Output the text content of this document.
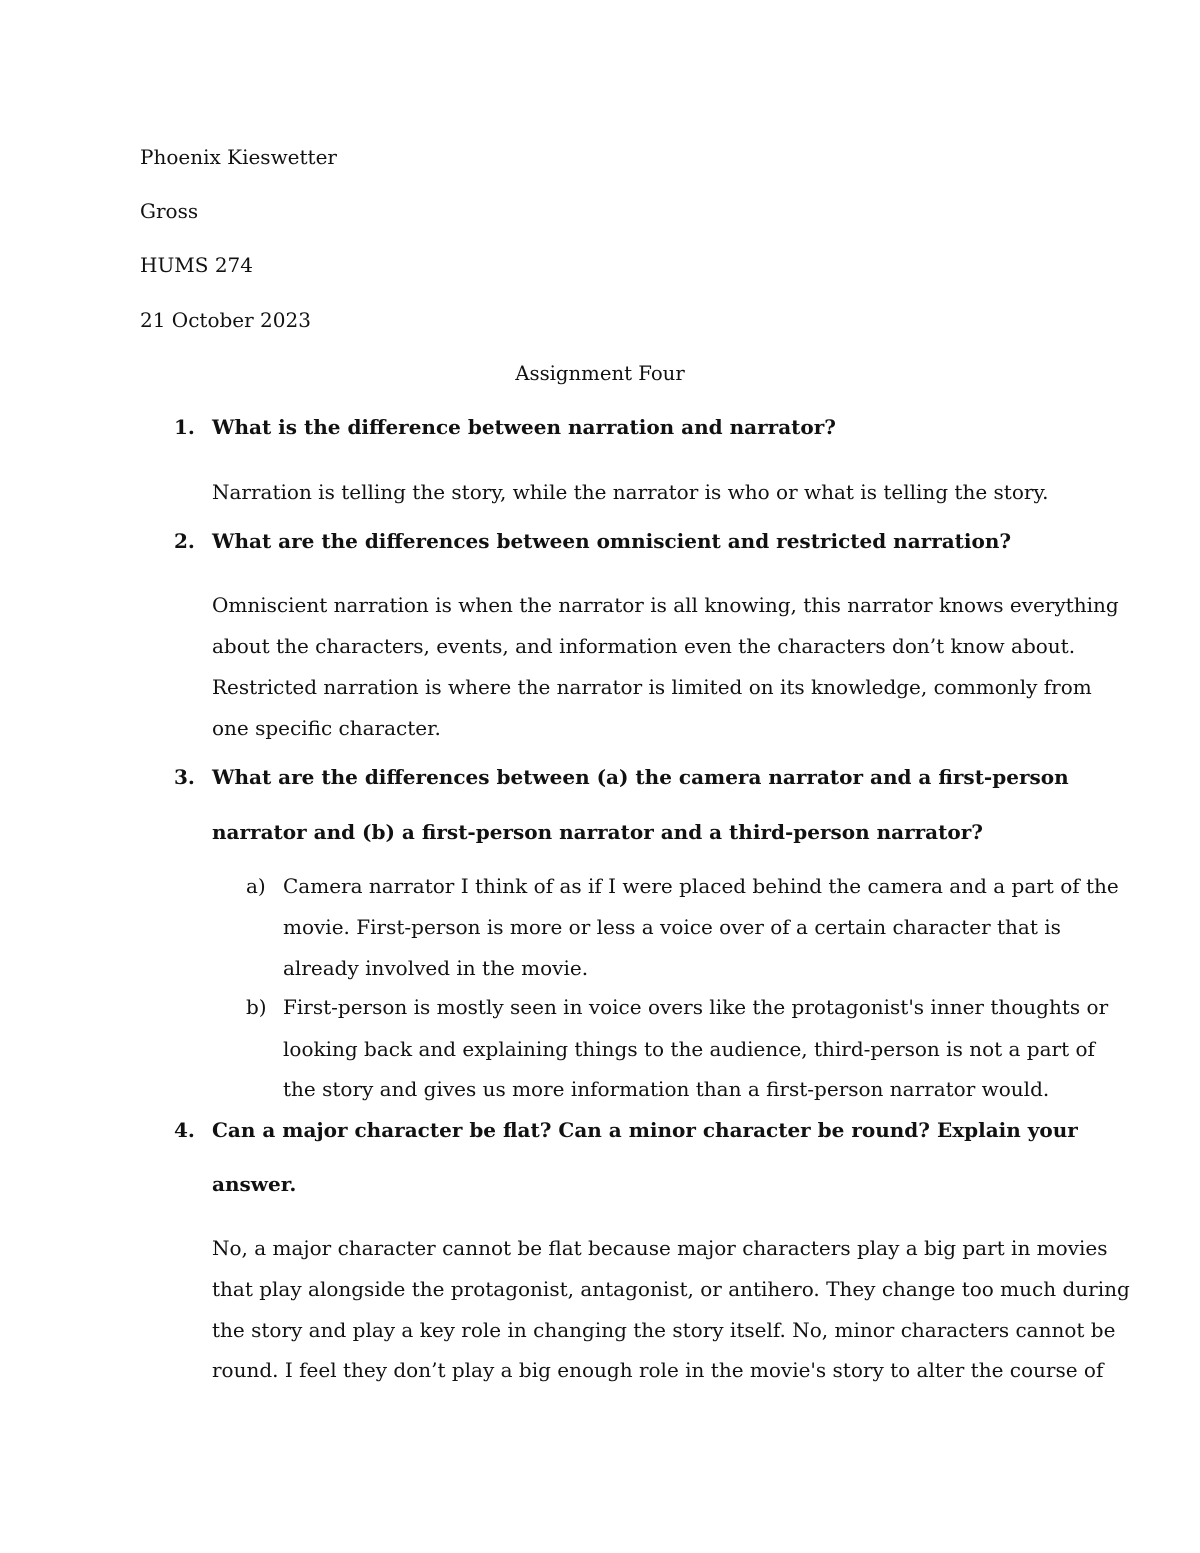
Phoenix Kieswetter

Gross

HUMS 274

21 October 2023

Assignment Four

1. What is the difference between narration and narrator?

Narration is telling the story, while the narrator is who or what is telling the story.

2. What are the differences between omniscient and restricted narration?

Omniscient narration is when the narrator is all knowing, this narrator knows everything

about the characters, events, and information even the characters don’t know about.

Restricted narration is where the narrator is limited on its knowledge, commonly from

one specific character.

3. What are the differences between (a) the camera narrator and a first-person

narrator and (b) a first-person narrator and a third-person narrator?

a) Camera narrator I think of as if I were placed behind the camera and a part of the

movie. First-person is more or less a voice over of a certain character that is

already involved in the movie.

b) First-person is mostly seen in voice overs like the protagonist's inner thoughts or

looking back and explaining things to the audience, third-person is not a part of

the story and gives us more information than a first-person narrator would.

4. Can a major character be flat? Can a minor character be round? Explain your

answer.

No, a major character cannot be flat because major characters play a big part in movies

that play alongside the protagonist, antagonist, or antihero. They change too much during

the story and play a key role in changing the story itself. No, minor characters cannot be

round. I feel they don’t play a big enough role in the movie's story to alter the course of
